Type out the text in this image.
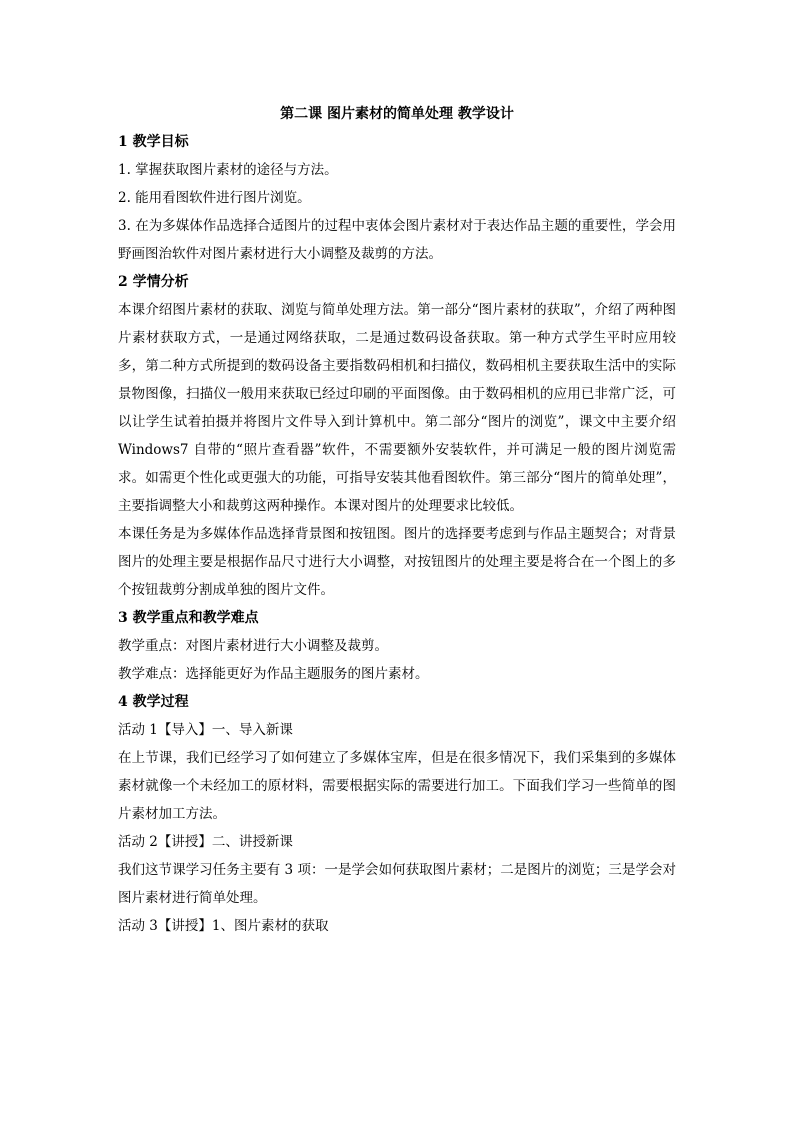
第二课 图片素材的简单处理 教学设计
1 教学目标
1. 掌握获取图片素材的途径与方法。
2. 能用看图软件进行图片浏览。
3. 在为多媒体作品选择合适图片的过程中衷体会图片素材对于表达作品主题的重要性，学会用野画图治软件对图片素材进行大小调整及裁剪的方法。
2 学情分析
本课介绍图片素材的获取、浏览与简单处理方法。第一部分“图片素材的获取”，介绍了两种图片素材获取方式，一是通过网络获取，二是通过数码设备获取。第一种方式学生平时应用较多，第二种方式所提到的数码设备主要指数码相机和扫描仪，数码相机主要获取生活中的实际景物图像，扫描仪一般用来获取已经过印刷的平面图像。由于数码相机的应用已非常广泛，可以让学生试着拍摄并将图片文件导入到计算机中。第二部分“图片的浏览”，课文中主要介绍 Windows7 自带的“照片查看器”软件，不需要额外安装软件，并可满足一般的图片浏览需求。如需更个性化或更强大的功能，可指导安装其他看图软件。第三部分“图片的简单处理”，主要指调整大小和裁剪这两种操作。本课对图片的处理要求比较低。
本课任务是为多媒体作品选择背景图和按钮图。图片的选择要考虑到与作品主题契合；对背景图片的处理主要是根据作品尺寸进行大小调整，对按钮图片的处理主要是将合在一个图上的多个按钮裁剪分割成单独的图片文件。
3 教学重点和教学难点
教学重点：对图片素材进行大小调整及裁剪。
教学难点：选择能更好为作品主题服务的图片素材。
4 教学过程
活动 1【导入】一、导入新课
在上节课，我们已经学习了如何建立了多媒体宝库，但是在很多情况下，我们采集到的多媒体素材就像一个未经加工的原材料，需要根据实际的需要进行加工。下面我们学习一些简单的图片素材加工方法。
活动 2【讲授】二、讲授新课
我们这节课学习任务主要有 3 项：一是学会如何获取图片素材；二是图片的浏览；三是学会对图片素材进行简单处理。
活动 3【讲授】1、图片素材的获取
